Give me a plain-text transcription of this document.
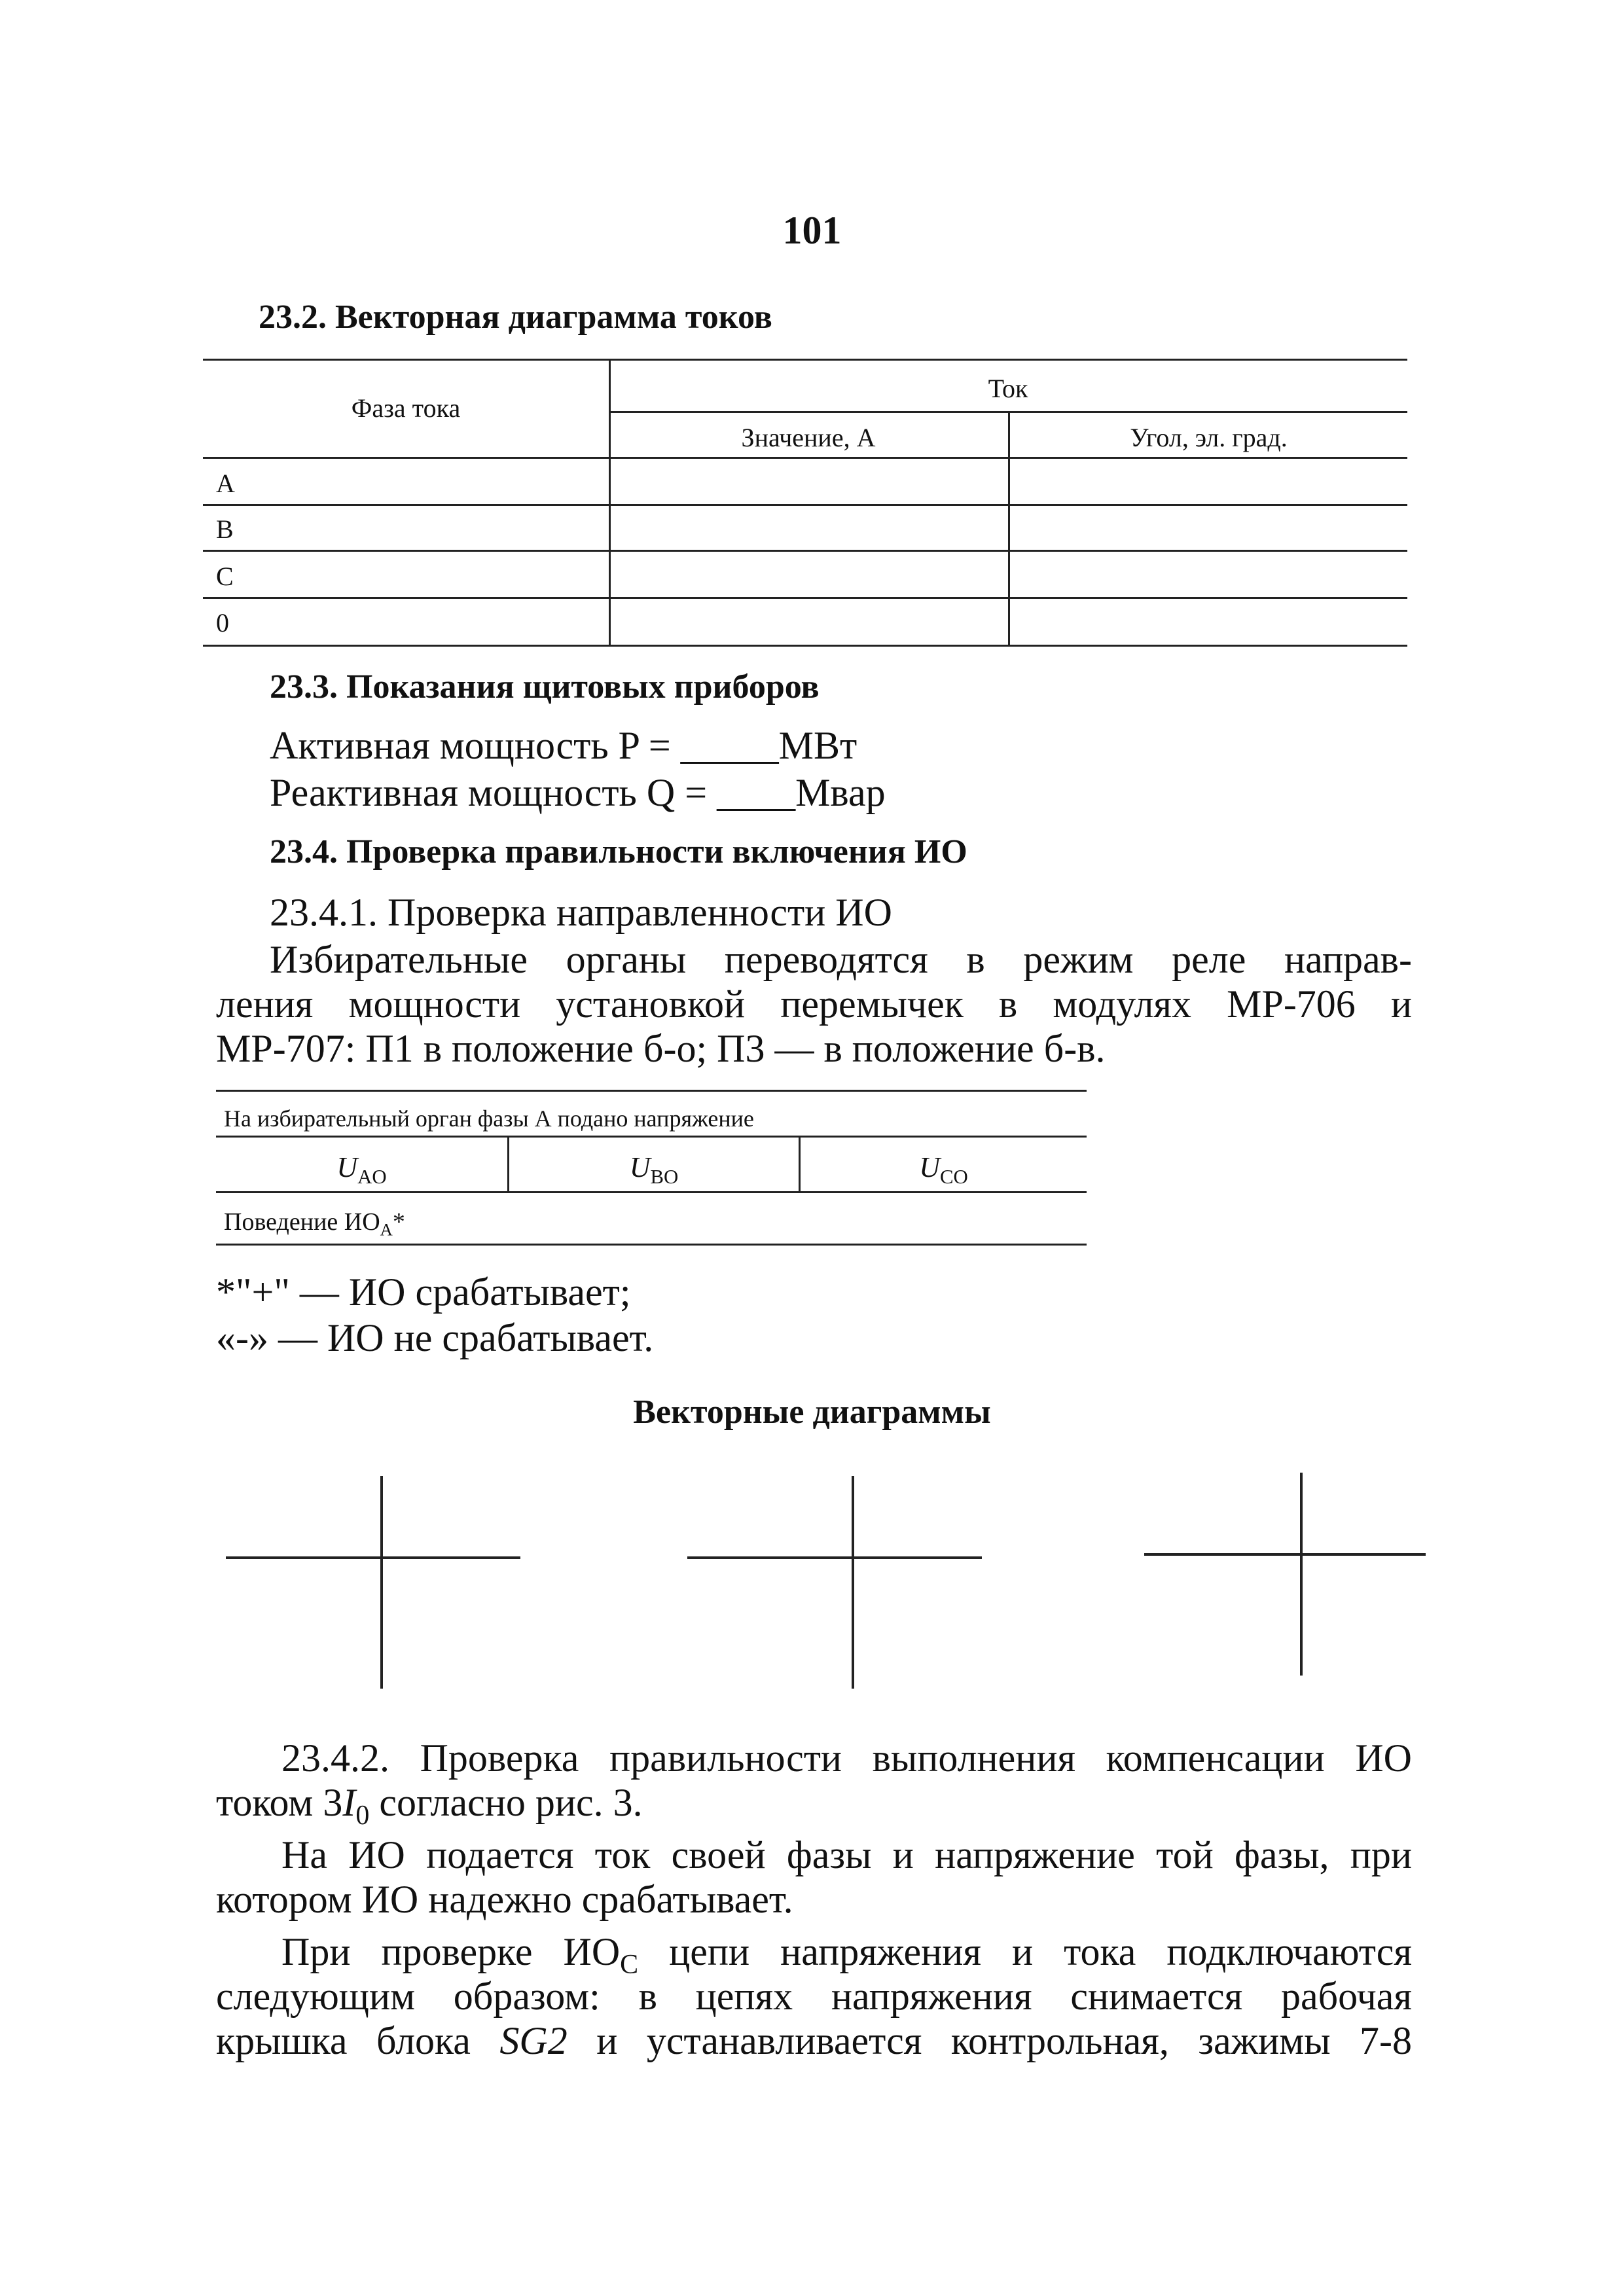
101
23.2. Векторная диаграмма токов
Фаза тока
Ток
Значение, А	Угол, эл. град.
A
B
C
0
23.3. Показания щитовых приборов
Активная мощность P = _____МВт
Реактивная мощность Q = ____Мвар
23.4. Проверка правильности включения ИО
23.4.1. Проверка направленности ИО
Избирательные органы переводятся в режим реле направ-
ления мощности установкой перемычек в модулях МР-706 и
МР-707: П1 в положение б-о; П3 — в положение б-в.
На избирательный орган фазы А подано напряжение
$U_{AO}$	$U_{BO}$	$U_{CO}$
Поведение $ИО_А*$
*"+" — ИО срабатывает;
«-» — ИО не срабатывает.
Векторные диаграммы
23.4.2. Проверка правильности выполнения компенсации ИО
током $3I_0$ согласно рис. 3.
На ИО подается ток своей фазы и напряжение той фазы, при
котором ИО надежно срабатывает.
При проверке $ИО_С$ цепи напряжения и тока подключаются
следующим образом: в цепях напряжения снимается рабочая
крышка блока SG2 и устанавливается контрольная, зажимы 7-8
